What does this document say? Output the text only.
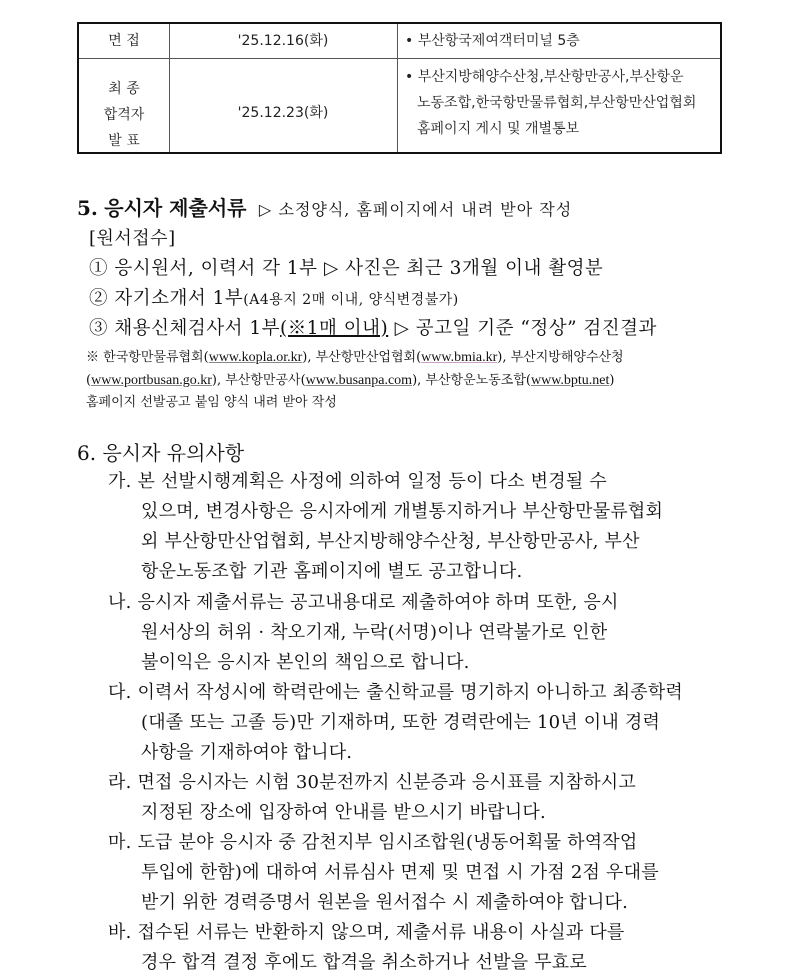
면 접	'25.12.16(화)	• 부산항국제여객터미널 5층
최 종
합격자
발 표
'25.12.23(화)
• 부산지방해양수산청,부산항만공사,부산항운
노동조합,한국항만물류협회,부산항만산업협회
홈페이지 게시 및 개별통보
5. 응시자 제출서류 ▷ 소정양식, 홈페이지에서 내려 받아 작성
[원서접수]
① 응시원서, 이력서 각 1부 ▷ 사진은 최근 3개월 이내 촬영분
② 자기소개서 1부(A4용지 2매 이내, 양식변경불가)
③ 채용신체검사서 1부(※1매 이내) ▷ 공고일 기준 “정상” 검진결과
※ 한국항만물류협회(www.kopla.or.kr), 부산항만산업협회(www.bmia.kr), 부산지방해양수산청
(www.portbusan.go.kr), 부산항만공사(www.busanpa.com), 부산항운노동조합(www.bptu.net)
홈페이지 선발공고 붙임 양식 내려 받아 작성
6. 응시자 유의사항
가. 본 선발시행계획은 사정에 의하여 일정 등이 다소 변경될 수
있으며, 변경사항은 응시자에게 개별통지하거나 부산항만물류협회
외 부산항만산업협회, 부산지방해양수산청, 부산항만공사, 부산
항운노동조합 기관 홈페이지에 별도 공고합니다.
나. 응시자 제출서류는 공고내용대로 제출하여야 하며 또한, 응시
원서상의 허위 · 착오기재, 누락(서명)이나 연락불가로 인한
불이익은 응시자 본인의 책임으로 합니다.
다. 이력서 작성시에 학력란에는 출신학교를 명기하지 아니하고 최종학력
(대졸 또는 고졸 등)만 기재하며, 또한 경력란에는 10년 이내 경력
사항을 기재하여야 합니다.
라. 면접 응시자는 시험 30분전까지 신분증과 응시표를 지참하시고
지정된 장소에 입장하여 안내를 받으시기 바랍니다.
마. 도급 분야 응시자 중 감천지부 임시조합원(냉동어획물 하역작업
투입에 한함)에 대하여 서류심사 면제 및 면접 시 가점 2점 우대를
받기 위한 경력증명서 원본을 원서접수 시 제출하여야 합니다.
바. 접수된 서류는 반환하지 않으며, 제출서류 내용이 사실과 다를
경우 합격 결정 후에도 합격을 취소하거나 선발을 무효로
